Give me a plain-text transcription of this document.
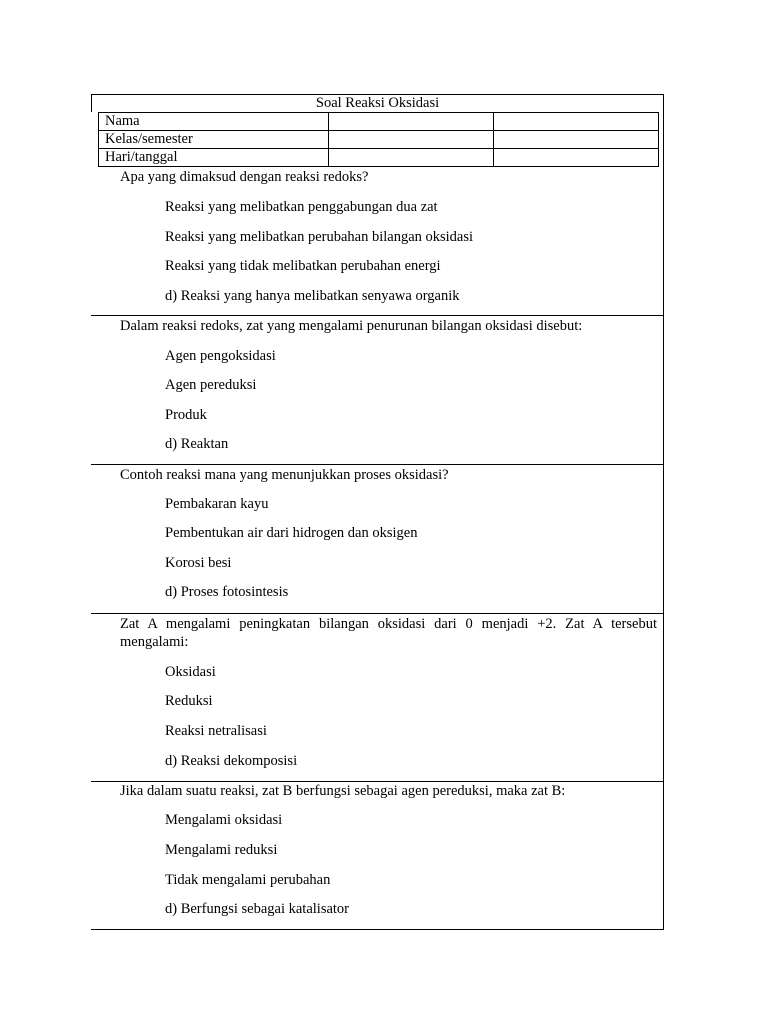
Soal Reaksi Oksidasi
Nama		
Kelas/semester		
Hari/tanggal		
Apa yang dimaksud dengan reaksi redoks?
Reaksi yang melibatkan penggabungan dua zat
Reaksi yang melibatkan perubahan bilangan oksidasi
Reaksi yang tidak melibatkan perubahan energi
d) Reaksi yang hanya melibatkan senyawa organik
Dalam reaksi redoks, zat yang mengalami penurunan bilangan oksidasi disebut:
Agen pengoksidasi
Agen pereduksi
Produk
d) Reaktan
Contoh reaksi mana yang menunjukkan proses oksidasi?
Pembakaran kayu
Pembentukan air dari hidrogen dan oksigen
Korosi besi
d) Proses fotosintesis
Zat A mengalami peningkatan bilangan oksidasi dari 0 menjadi +2. Zat A tersebut mengalami:
Oksidasi
Reduksi
Reaksi netralisasi
d) Reaksi dekomposisi
Jika dalam suatu reaksi, zat B berfungsi sebagai agen pereduksi, maka zat B:
Mengalami oksidasi
Mengalami reduksi
Tidak mengalami perubahan
d) Berfungsi sebagai katalisator
